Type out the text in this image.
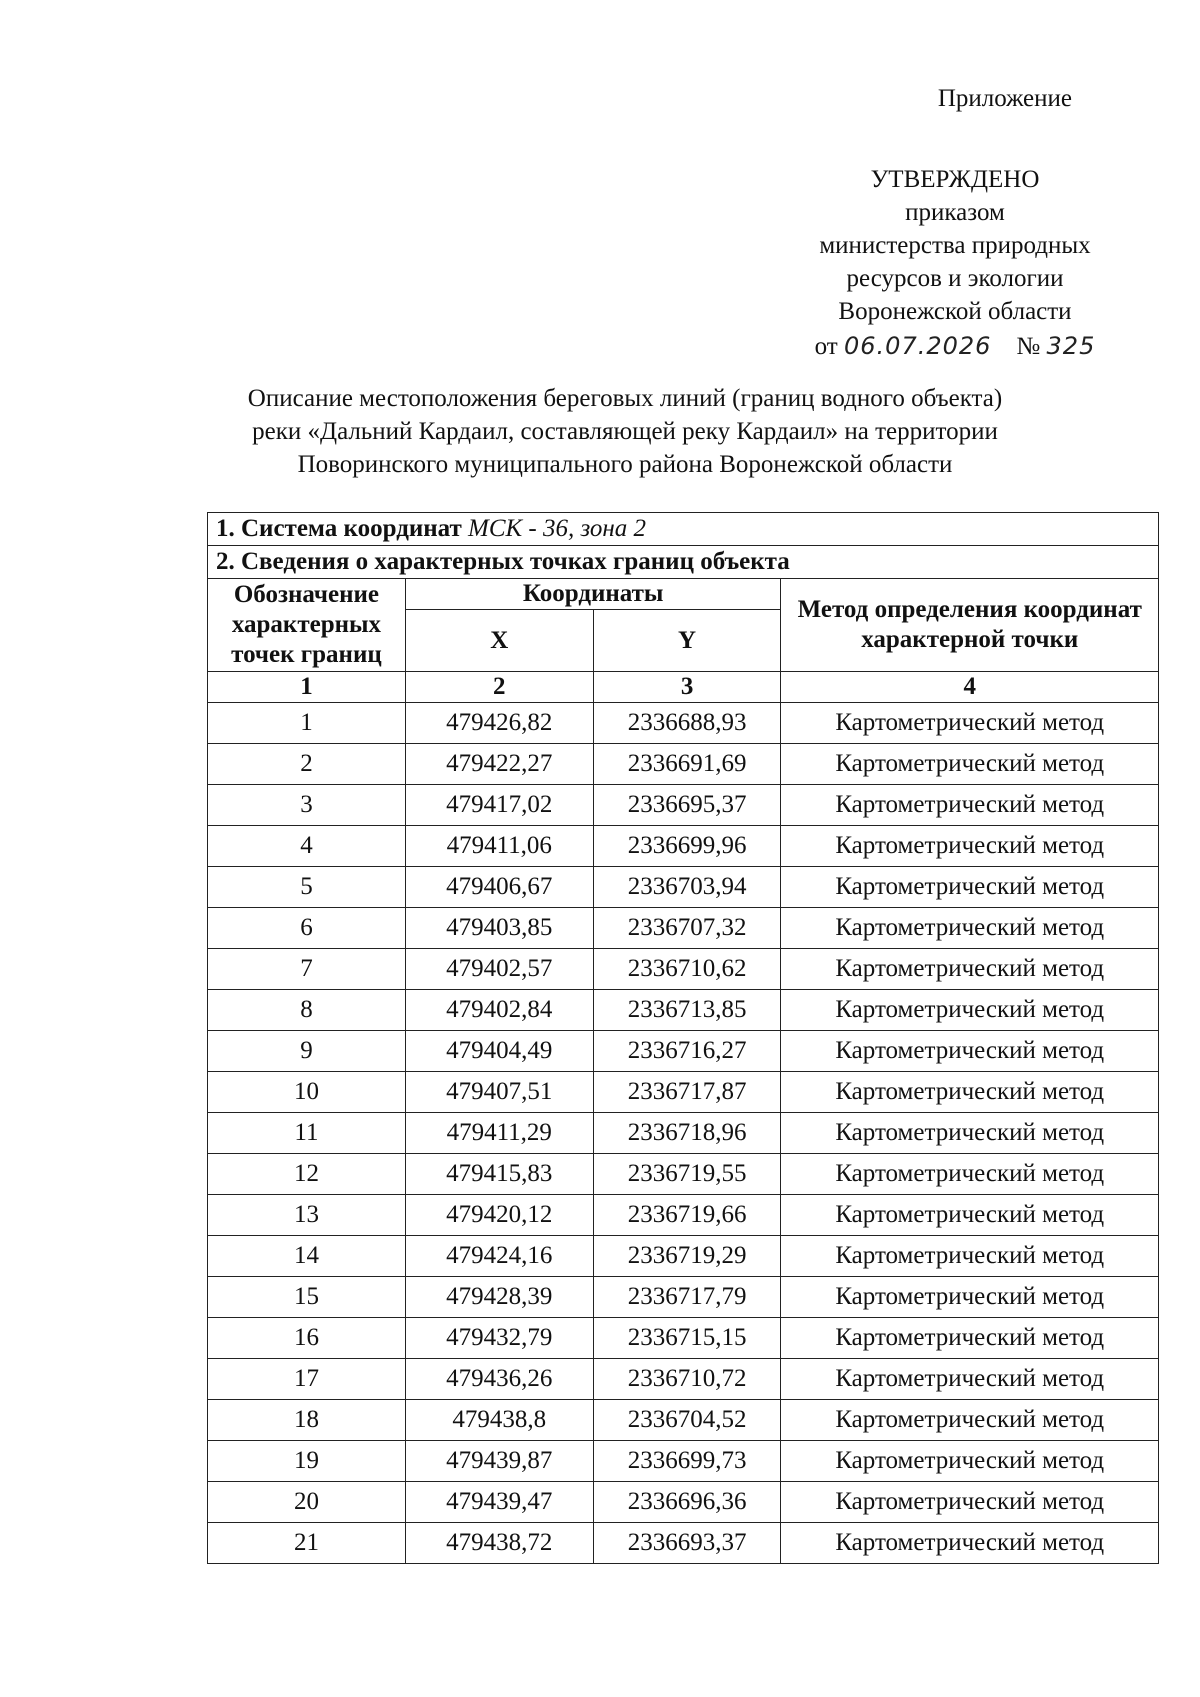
Приложение
УТВЕРЖДЕНО
приказом
министерства природных
ресурсов и экологии
Воронежской области
от 06.07.2026 № 325
Описание местоположения береговых линий (границ водного объекта)
реки «Дальний Кардаил, составляющей реку Кардаил» на территории
Поворинского муниципального района Воронежской области
1. Система координат МСК - 36, зона 2			
2. Сведения о характерных точках границ объекта			
Обозначение характерных точек границ	Координаты		Метод определения координат характерной точки
	X	Y	
1	2	3	4
1	479426,82	2336688,93	Картометрический метод
2	479422,27	2336691,69	Картометрический метод
3	479417,02	2336695,37	Картометрический метод
4	479411,06	2336699,96	Картометрический метод
5	479406,67	2336703,94	Картометрический метод
6	479403,85	2336707,32	Картометрический метод
7	479402,57	2336710,62	Картометрический метод
8	479402,84	2336713,85	Картометрический метод
9	479404,49	2336716,27	Картометрический метод
10	479407,51	2336717,87	Картометрический метод
11	479411,29	2336718,96	Картометрический метод
12	479415,83	2336719,55	Картометрический метод
13	479420,12	2336719,66	Картометрический метод
14	479424,16	2336719,29	Картометрический метод
15	479428,39	2336717,79	Картометрический метод
16	479432,79	2336715,15	Картометрический метод
17	479436,26	2336710,72	Картометрический метод
18	479438,8	2336704,52	Картометрический метод
19	479439,87	2336699,73	Картометрический метод
20	479439,47	2336696,36	Картометрический метод
21	479438,72	2336693,37	Картометрический метод
